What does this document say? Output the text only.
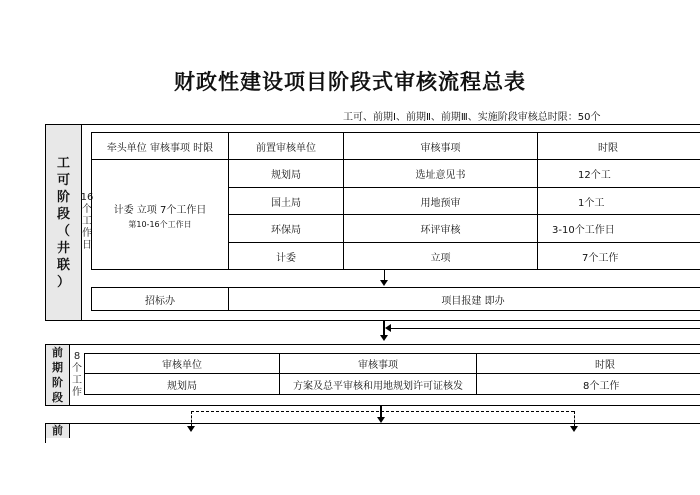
财政性建设项目阶段式审核流程总表
工可、前期Ⅰ、前期Ⅱ、前期Ⅲ、实施阶段审核总时限：50个
工
可
阶
段
（
井
联
）
16
个
工
作
日
牵头单位 审核事项 时限	前置审核单位	审核事项	时限
计委 立项 7个工作日
第10-16个工作日
规划局	选址意见书	12个工
国土局	用地预审	1个工
环保局	环评审核	3-10个工作日
计委	立项	7个工作
招标办	项目报建 即办
前
期
阶
段
8
个
工
作
审核单位	审核事项	时限
规划局	方案及总平审核和用地规划许可证核发	8个工作
前
